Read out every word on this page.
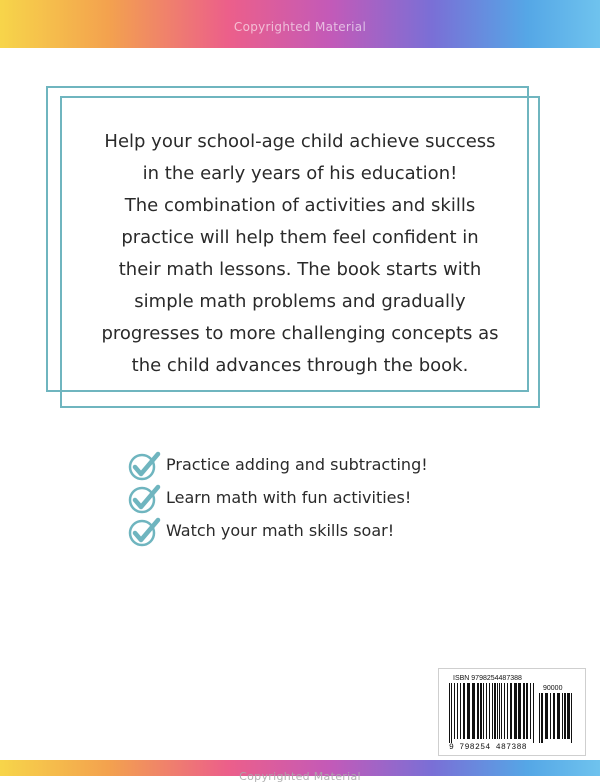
Copyrighted Material
Help your school-age child achieve success
in the early years of his education!
The combination of activities and skills
practice will help them feel confident in
their math lessons. The book starts with
simple math problems and gradually
progresses to more challenging concepts as
the child advances through the book.
Practice adding and subtracting!
Learn math with fun activities!
Watch your math skills soar!
ISBN 9798254487388
90000
9 798254 487388
Copyrighted Material
